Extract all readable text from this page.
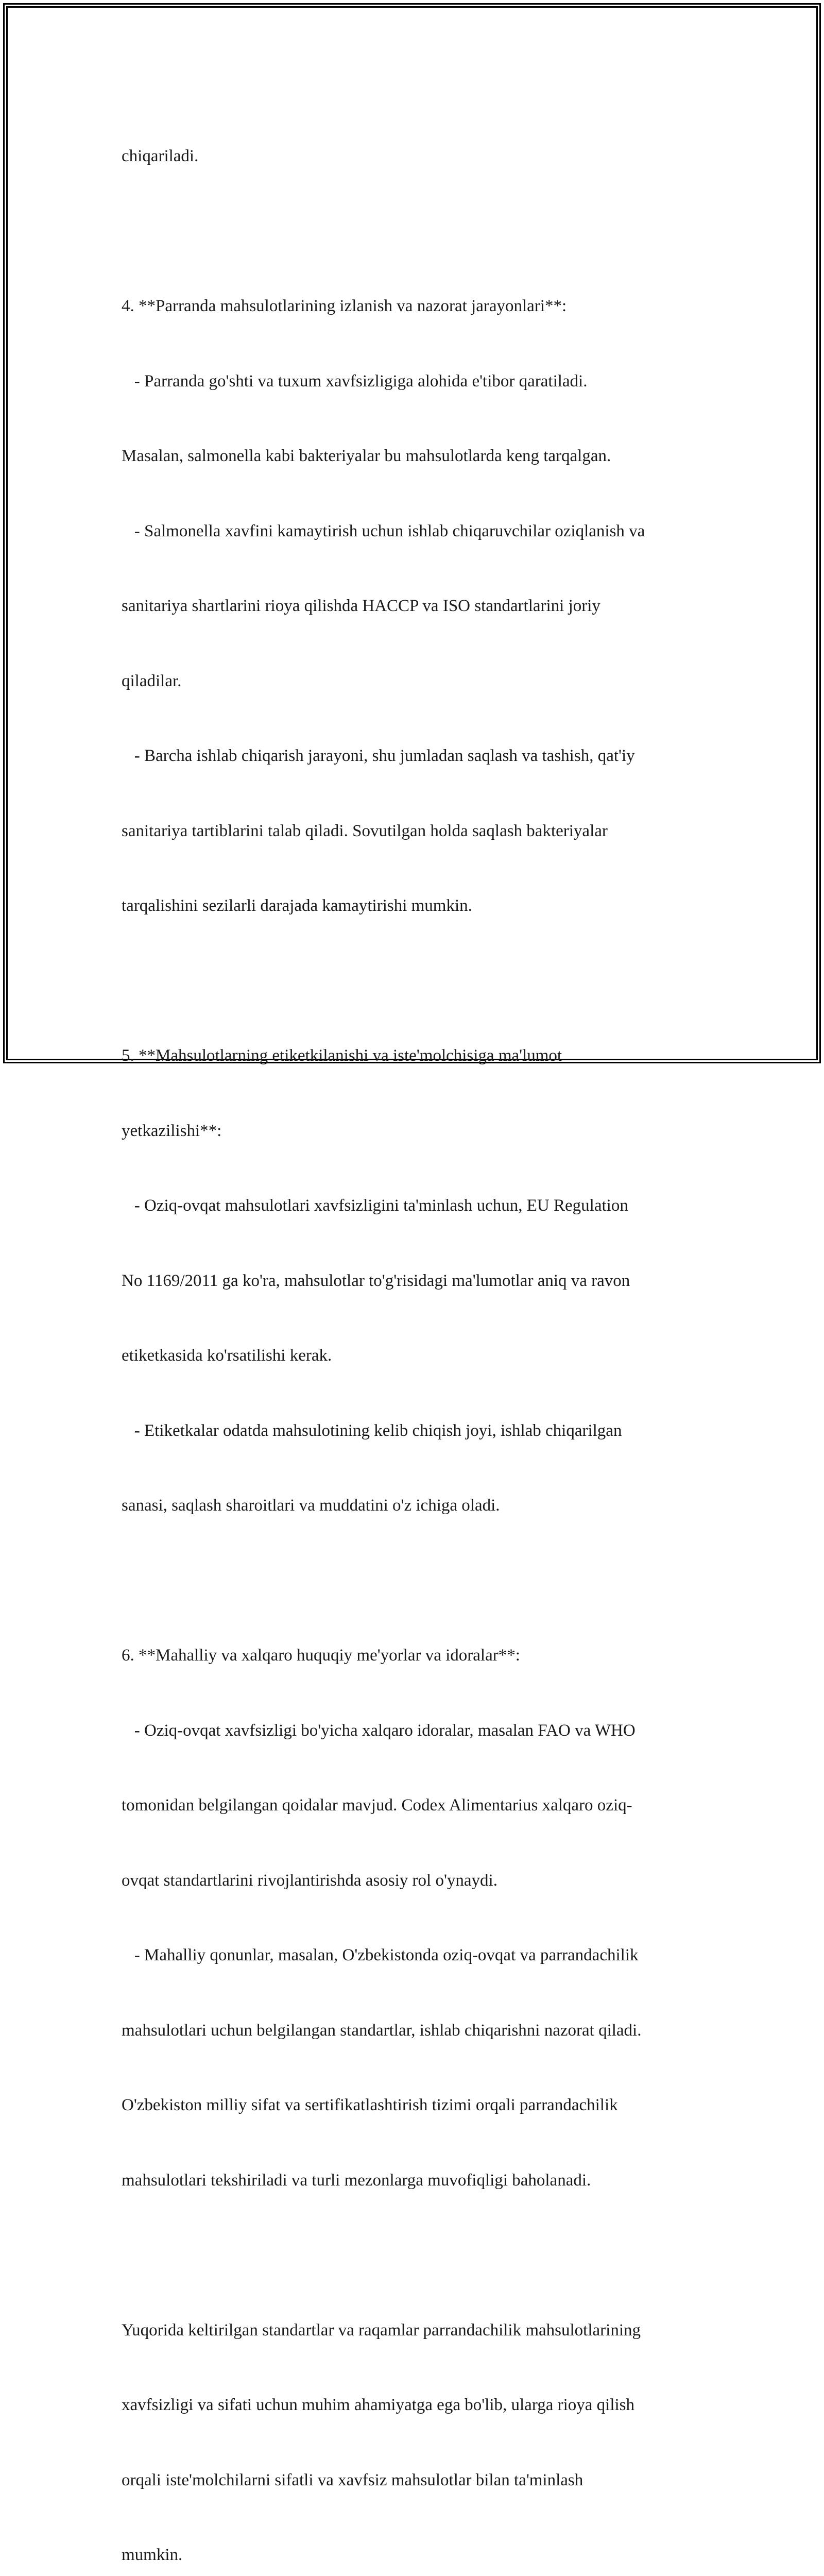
chiqariladi.

4. **Parranda mahsulotlarining izlanish va nazorat jarayonlari**:

- Parranda go'shti va tuxum xavfsizligiga alohida e'tibor qaratiladi.

Masalan, salmonella kabi bakteriyalar bu mahsulotlarda keng tarqalgan.

- Salmonella xavfini kamaytirish uchun ishlab chiqaruvchilar oziqlanish va

sanitariya shartlarini rioya qilishda HACCP va ISO standartlarini joriy

qiladilar.

- Barcha ishlab chiqarish jarayoni, shu jumladan saqlash va tashish, qat'iy

sanitariya tartiblarini talab qiladi. Sovutilgan holda saqlash bakteriyalar

tarqalishini sezilarli darajada kamaytirishi mumkin.

5. **Mahsulotlarning etiketkilanishi va iste'molchisiga ma'lumot

yetkazilishi**:

- Oziq-ovqat mahsulotlari xavfsizligini ta'minlash uchun, EU Regulation

No 1169/2011 ga ko'ra, mahsulotlar to'g'risidagi ma'lumotlar aniq va ravon

etiketkasida ko'rsatilishi kerak.

- Etiketkalar odatda mahsulotining kelib chiqish joyi, ishlab chiqarilgan

sanasi, saqlash sharoitlari va muddatini o'z ichiga oladi.

6. **Mahalliy va xalqaro huquqiy me'yorlar va idoralar**:

- Oziq-ovqat xavfsizligi bo'yicha xalqaro idoralar, masalan FAO va WHO

tomonidan belgilangan qoidalar mavjud. Codex Alimentarius xalqaro oziq-

ovqat standartlarini rivojlantirishda asosiy rol o'ynaydi.

- Mahalliy qonunlar, masalan, O'zbekistonda oziq-ovqat va parrandachilik

mahsulotlari uchun belgilangan standartlar, ishlab chiqarishni nazorat qiladi.

O'zbekiston milliy sifat va sertifikatlashtirish tizimi orqali parrandachilik

mahsulotlari tekshiriladi va turli mezonlarga muvofiqligi baholanadi.

Yuqorida keltirilgan standartlar va raqamlar parrandachilik mahsulotlarining

xavfsizligi va sifati uchun muhim ahamiyatga ega bo'lib, ularga rioya qilish

orqali iste'molchilarni sifatli va xavfsiz mahsulotlar bilan ta'minlash

mumkin.
